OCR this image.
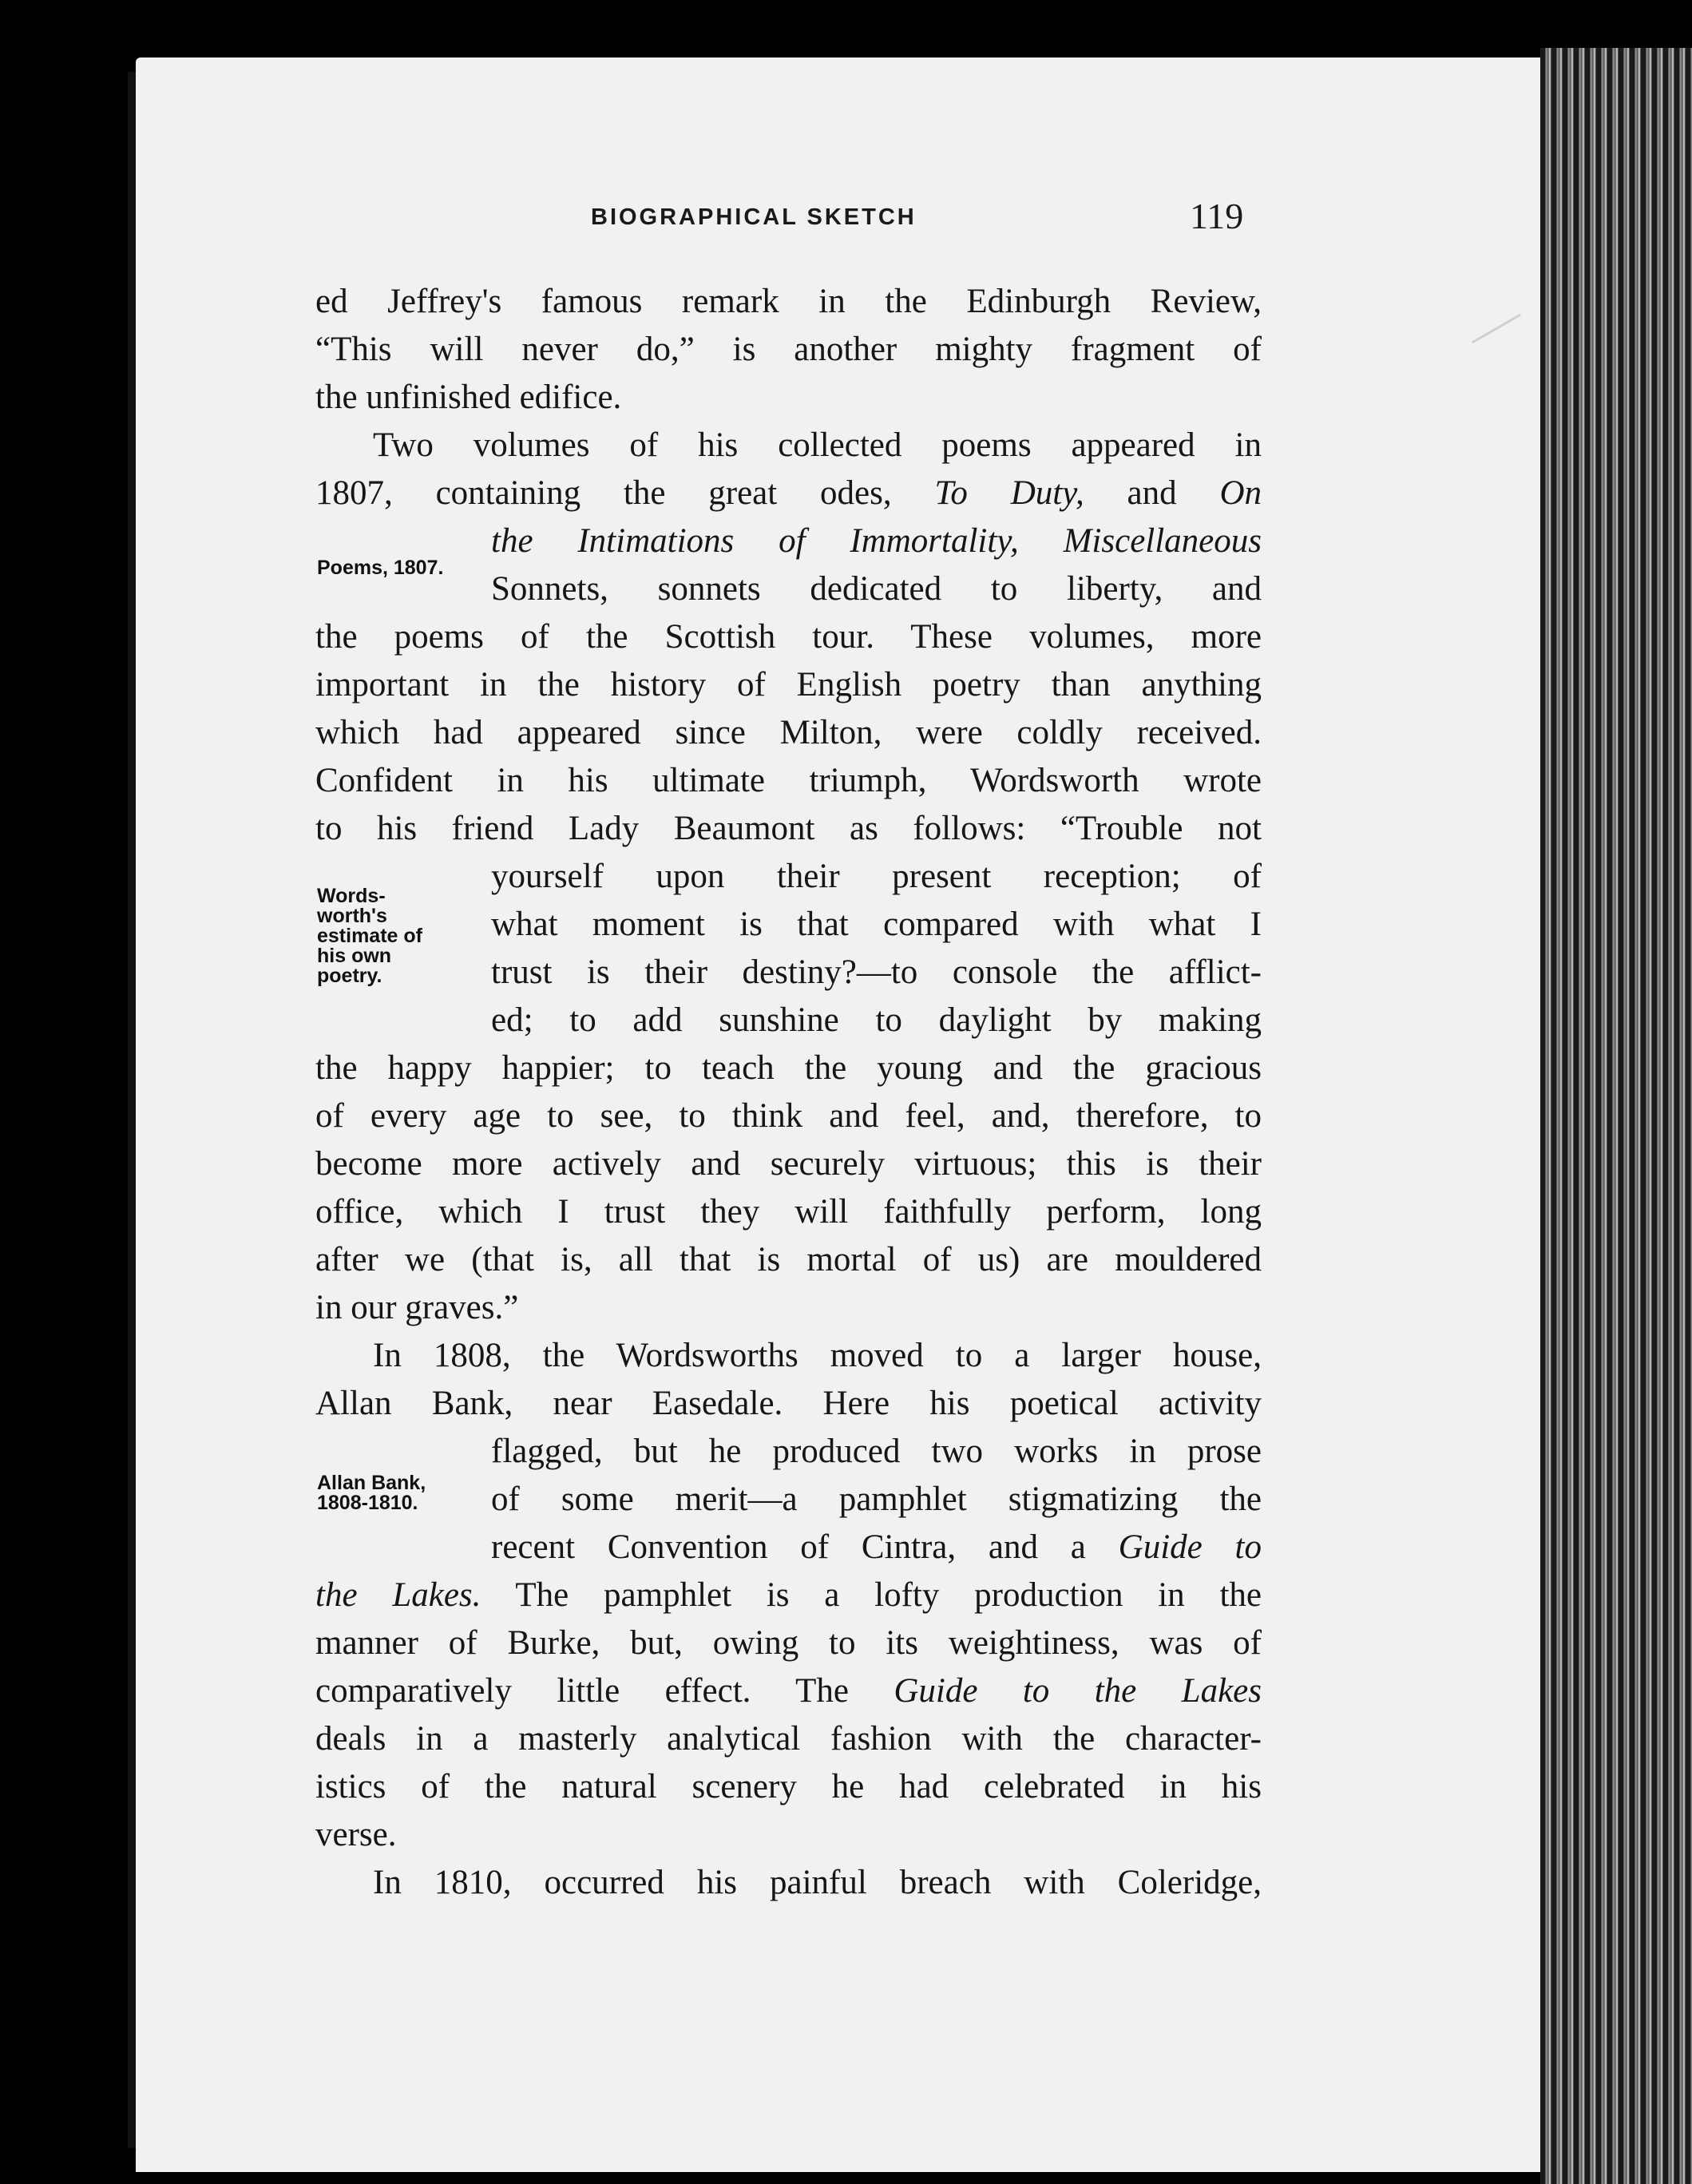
BIOGRAPHICAL SKETCH	119
Poems, 1807.
Words-
worth's
estimate of
his own
poetry.
Allan Bank,
1808-1810.
ed Jeffrey's famous remark in the Edinburgh Review,
“This will never do,” is another mighty fragment of
the unfinished edifice.
Two volumes of his collected poems appeared in
1807, containing the great odes, To Duty, and On
the Intimations of Immortality, Miscellaneous
Sonnets, sonnets dedicated to liberty, and
the poems of the Scottish tour. These volumes, more
important in the history of English poetry than anything
which had appeared since Milton, were coldly received.
Confident in his ultimate triumph, Wordsworth wrote
to his friend Lady Beaumont as follows: “Trouble not
yourself upon their present reception; of
what moment is that compared with what I
trust is their destiny?—to console the afflict-
ed; to add sunshine to daylight by making
the happy happier; to teach the young and the gracious
of every age to see, to think and feel, and, therefore, to
become more actively and securely virtuous; this is their
office, which I trust they will faithfully perform, long
after we (that is, all that is mortal of us) are mouldered
in our graves.”
In 1808, the Wordsworths moved to a larger house,
Allan Bank, near Easedale. Here his poetical activity
flagged, but he produced two works in prose
of some merit—a pamphlet stigmatizing the
recent Convention of Cintra, and a Guide to
the Lakes. The pamphlet is a lofty production in the
manner of Burke, but, owing to its weightiness, was of
comparatively little effect. The Guide to the Lakes
deals in a masterly analytical fashion with the character-
istics of the natural scenery he had celebrated in his
verse.
In 1810, occurred his painful breach with Coleridge,
